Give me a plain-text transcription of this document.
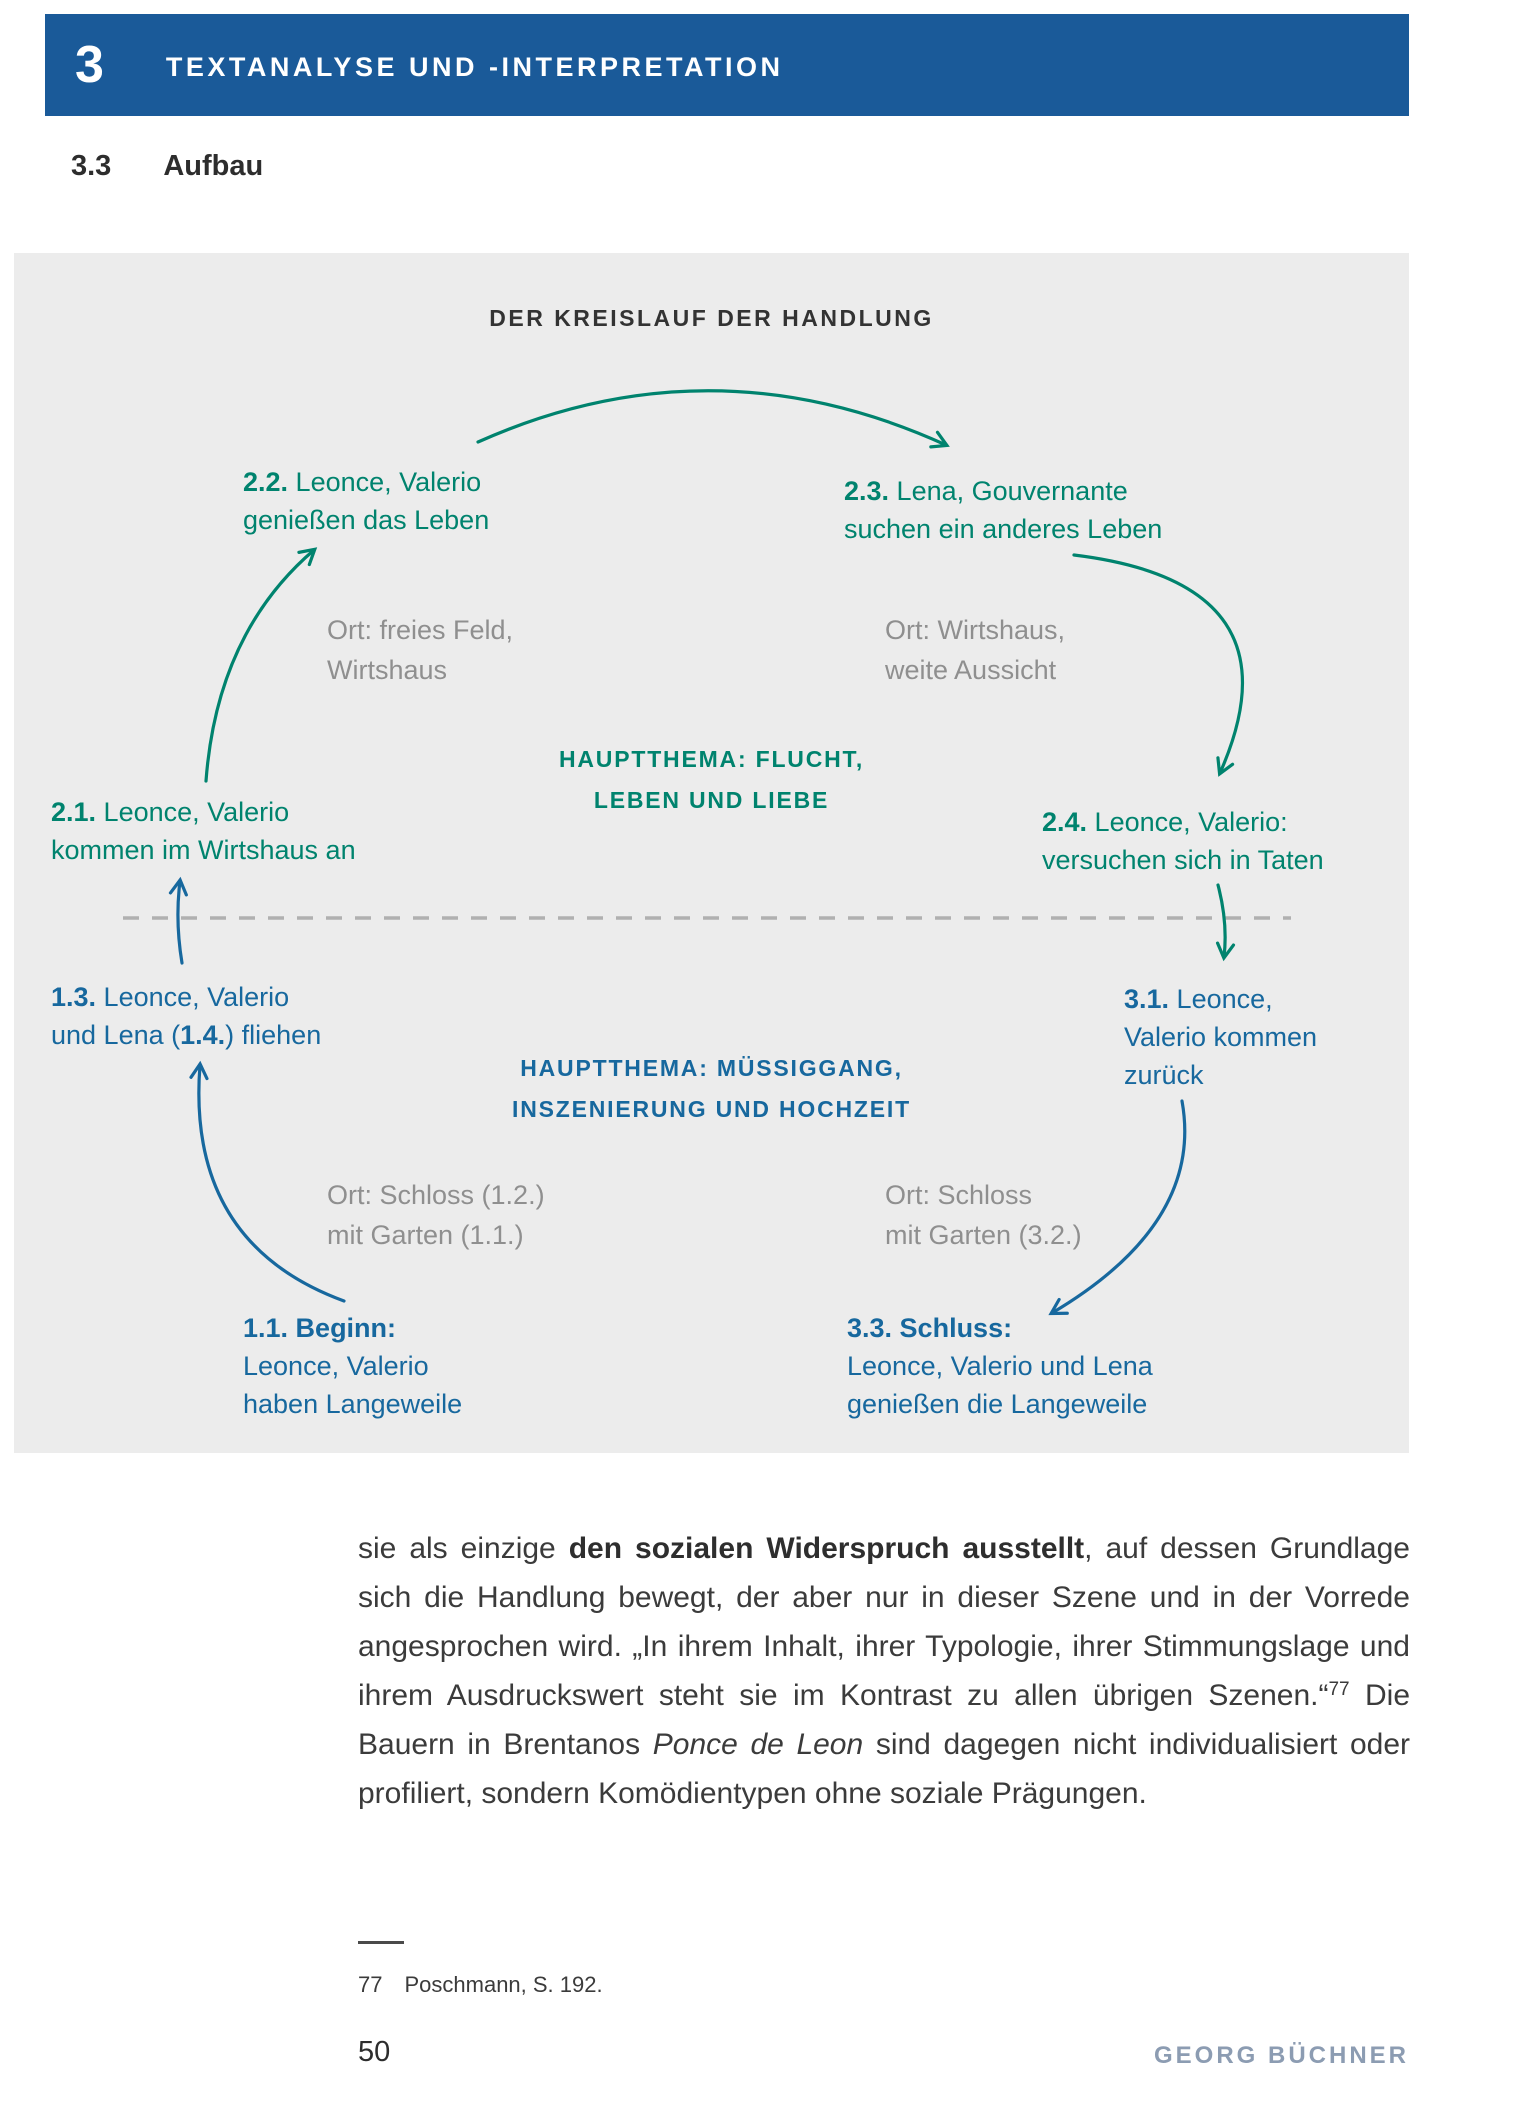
3 TEXTANALYSE UND -INTERPRETATION
3.3 Aufbau
DER KREISLAUF DER HANDLUNG
2.2. Leonce, Valerio
genießen das Leben
2.3. Lena, Gouvernante
suchen ein anderes Leben
2.1. Leonce, Valerio
kommen im Wirtshaus an
2.4. Leonce, Valerio:
versuchen sich in Taten
1.3. Leonce, Valerio
und Lena (1.4.) fliehen
3.1. Leonce,
Valerio kommen
zurück
1.1. Beginn:
Leonce, Valerio
haben Langeweile
3.3. Schluss:
Leonce, Valerio und Lena
genießen die Langeweile
Ort: freies Feld,
Wirtshaus
Ort: Wirtshaus,
weite Aussicht
Ort: Schloss (1.2.)
mit Garten (1.1.)
Ort: Schloss
mit Garten (3.2.)
HAUPTTHEMA: FLUCHT,
LEBEN UND LIEBE
HAUPTTHEMA: MÜSSIGGANG,
INSZENIERUNG UND HOCHZEIT

sie als einzige den sozialen Widerspruch ausstellt, auf dessen Grundlage sich die Handlung bewegt, der aber nur in dieser Szene und in der Vorrede angesprochen wird. „In ihrem Inhalt, ihrer Typologie, ihrer Stimmungslage und ihrem Ausdruckswert steht sie im Kontrast zu allen übrigen Szenen.“$^{77}$ Die Bauern in Brentanos Ponce de Leon sind dagegen nicht individualisiert oder profiliert, sondern Komödientypen ohne soziale Prägungen.

77 Poschmann, S. 192.
50	GEORG BÜCHNER
